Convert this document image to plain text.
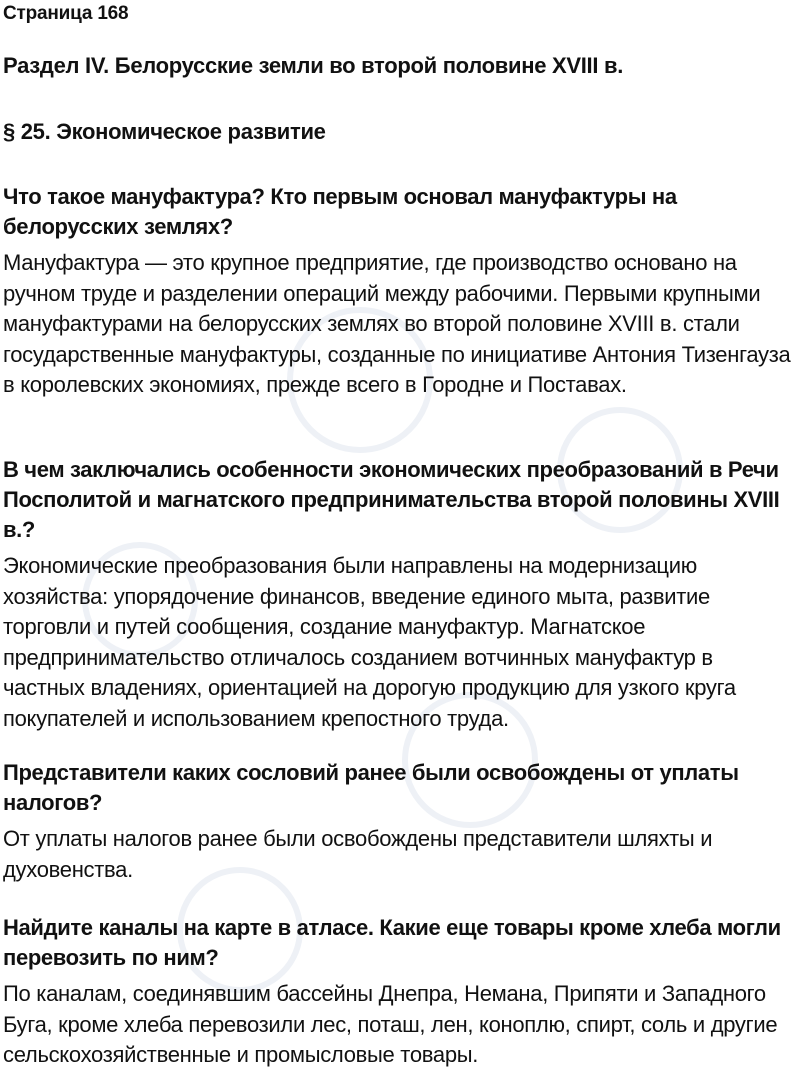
Страница 168
Раздел IV. Белорусские земли во второй половине XVIII в.
§ 25. Экономическое развитие

Что такое мануфактура? Кто первым основал мануфактуры на белорусских землях?

Мануфактура — это крупное предприятие, где производство основано на ручном труде и разделении операций между рабочими. Первыми крупными мануфактурами на белорусских землях во второй половине XVIII в. стали государственные мануфактуры, созданные по инициативе Антония Тизенгауза в королевских экономиях, прежде всего в Городне и Поставах.

В чем заключались особенности экономических преобразований в Речи Посполитой и магнатского предпринимательства второй половины XVIII в.?

Экономические преобразования были направлены на модернизацию хозяйства: упорядочение финансов, введение единого мыта, развитие торговли и путей сообщения, создание мануфактур. Магнатское предпринимательство отличалось созданием вотчинных мануфактур в частных владениях, ориентацией на дорогую продукцию для узкого круга покупателей и использованием крепостного труда.

Представители каких сословий ранее были освобождены от уплаты налогов?

От уплаты налогов ранее были освобождены представители шляхты и духовенства.

Найдите каналы на карте в атласе. Какие еще товары кроме хлеба могли перевозить по ним?

По каналам, соединявшим бассейны Днепра, Немана, Припяти и Западного Буга, кроме хлеба перевозили лес, поташ, лен, коноплю, спирт, соль и другие сельскохозяйственные и промысловые товары.
